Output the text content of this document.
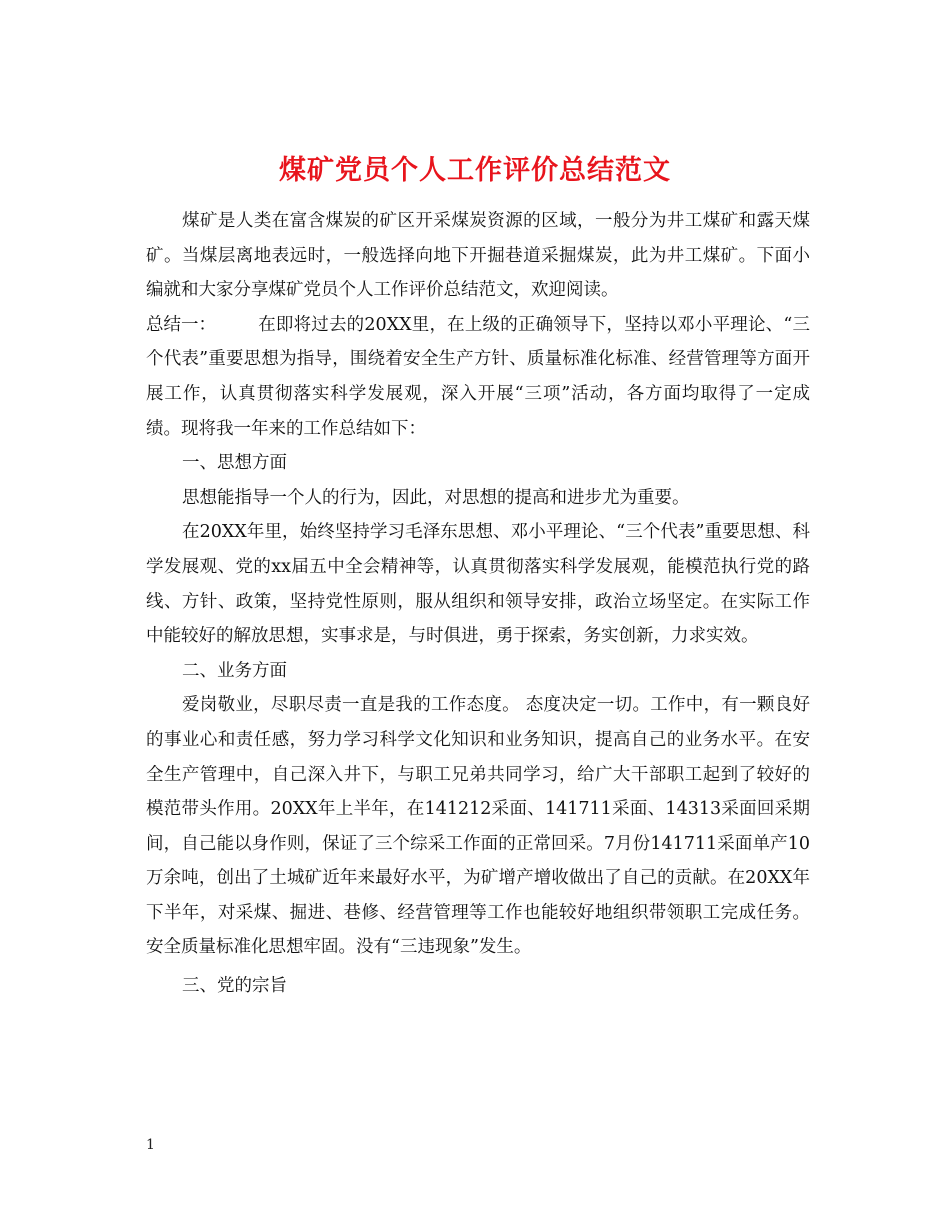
煤矿党员个人工作评价总结范文

煤矿是人类在富含煤炭的矿区开采煤炭资源的区域，一般分为井工煤矿和露天煤矿。当煤层离地表远时，一般选择向地下开掘巷道采掘煤炭，此为井工煤矿。下面小编就和大家分享煤矿党员个人工作评价总结范文，欢迎阅读。

总结一： 在即将过去的20XX里，在上级的正确领导下，坚持以邓小平理论、“三个代表”重要思想为指导，围绕着安全生产方针、质量标准化标准、经营管理等方面开展工作，认真贯彻落实科学发展观，深入开展“三项”活动，各方面均取得了一定成绩。现将我一年来的工作总结如下：

一、思想方面

思想能指导一个人的行为，因此，对思想的提高和进步尤为重要。

在20XX年里，始终坚持学习毛泽东思想、邓小平理论、“三个代表”重要思想、科学发展观、党的xx届五中全会精神等，认真贯彻落实科学发展观，能模范执行党的路线、方针、政策，坚持党性原则，服从组织和领导安排，政治立场坚定。在实际工作中能较好的解放思想，实事求是，与时俱进，勇于探索，务实创新，力求实效。

二、业务方面

爱岗敬业，尽职尽责一直是我的工作态度。 态度决定一切。工作中，有一颗良好的事业心和责任感，努力学习科学文化知识和业务知识，提高自己的业务水平。在安全生产管理中，自己深入井下，与职工兄弟共同学习，给广大干部职工起到了较好的模范带头作用。20XX年上半年，在141212采面、141711采面、14313采面回采期间，自己能以身作则，保证了三个综采工作面的正常回采。7月份141711采面单产10万余吨，创出了土城矿近年来最好水平，为矿增产增收做出了自己的贡献。在20XX年下半年，对采煤、掘进、巷修、经营管理等工作也能较好地组织带领职工完成任务。安全质量标准化思想牢固。没有“三违现象”发生。

三、党的宗旨

1
